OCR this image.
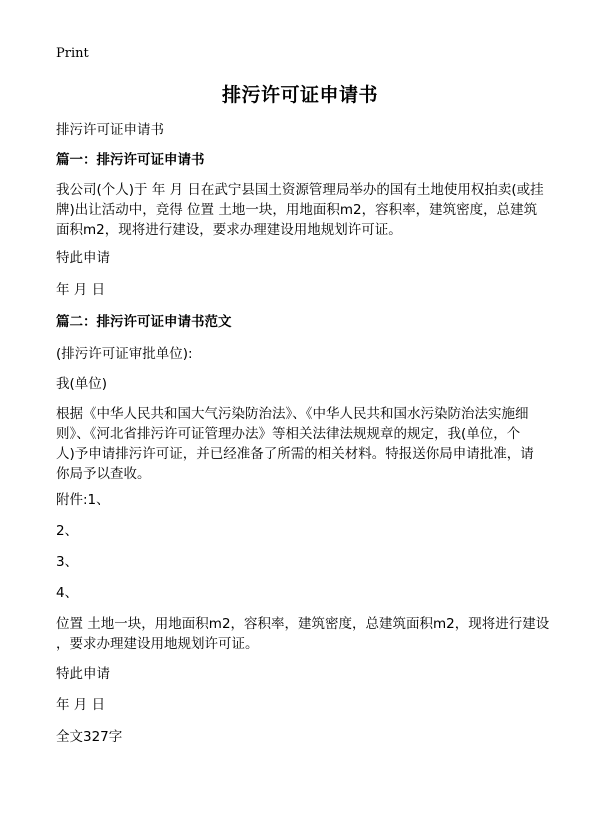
Print
排污许可证申请书
排污许可证申请书
篇一：排污许可证申请书
我公司(个人)于 年 月 日在武宁县国土资源管理局举办的国有土地使用权拍卖(或挂
牌)出让活动中，竞得 位置 土地一块，用地面积m2，容积率，建筑密度，总建筑
面积m2，现将进行建设，要求办理建设用地规划许可证。
特此申请
年 月 日
篇二：排污许可证申请书范文
(排污许可证审批单位):
我(单位)
根据《中华人民共和国大气污染防治法》、《中华人民共和国水污染防治法实施细
则》、《河北省排污许可证管理办法》等相关法律法规规章的规定，我(单位，个
人)予申请排污许可证，并已经准备了所需的相关材料。特报送你局申请批准，请
你局予以查收。
附件:1、
2、
3、
4、
位置 土地一块，用地面积m2，容积率，建筑密度，总建筑面积m2，现将进行建设
，要求办理建设用地规划许可证。
特此申请
年 月 日
全文327字
